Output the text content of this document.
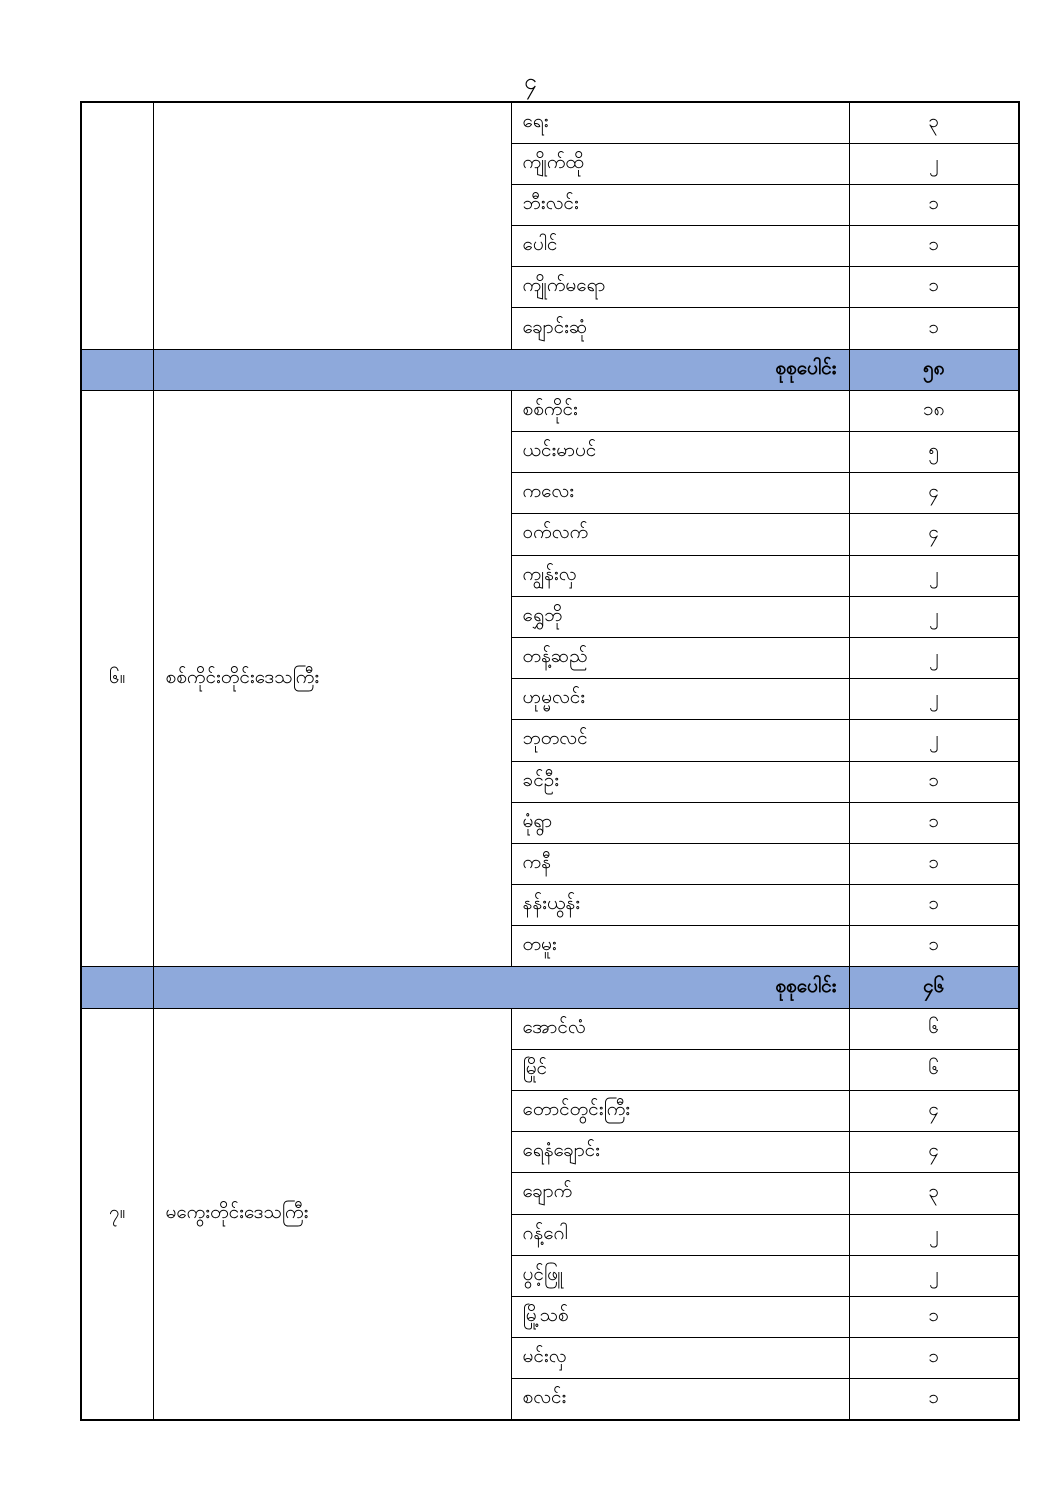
၄
		ရေး	၃
		ကျိုက်ထို	၂
		ဘီးလင်း	၁
		ပေါင်	၁
		ကျိုက်မရော	၁
		ချောင်းဆုံ	၁
	စုစုပေါင်း		၅၈
၆။	စစ်ကိုင်းတိုင်းဒေသကြီး	စစ်ကိုင်း	၁၈
		ယင်းမာပင်	၅
		ကလေး	၄
		ဝက်လက်	၄
		ကျွန်းလှ	၂
		ရွှေဘို	၂
		တန့်ဆည်	၂
		ဟုမ္မလင်း	၂
		ဘုတလင်	၂
		ခင်ဦး	၁
		မုံရွာ	၁
		ကနီ	၁
		နန်းယွန်း	၁
		တမူး	၁
	စုစုပေါင်း		၄၆
၇။	မကွေးတိုင်းဒေသကြီး	အောင်လံ	၆
		မြိုင်	၆
		တောင်တွင်းကြီး	၄
		ရေနံချောင်း	၄
		ချောက်	၃
		ဂန့်ဂေါ	၂
		ပွင့်ဖြူ	၂
		မြို့သစ်	၁
		မင်းလှ	၁
		စလင်း	၁
